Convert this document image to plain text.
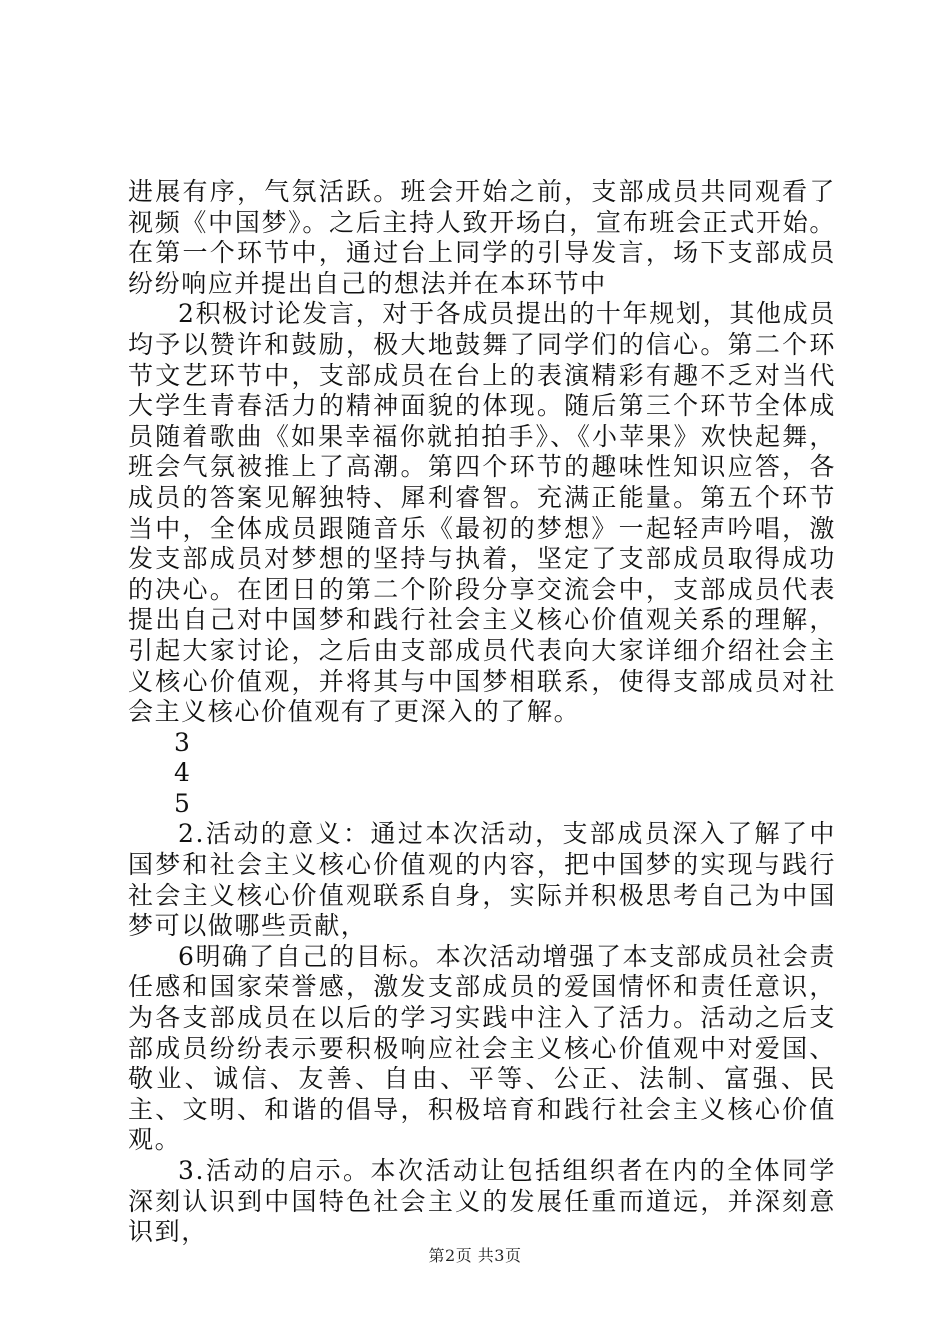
进展有序，气氛活跃。班会开始之前，支部成员共同观看了视频《中国梦》。之后主持人致开场白，宣布班会正式开始。在第一个环节中，通过台上同学的引导发言，场下支部成员纷纷响应并提出自己的想法并在本环节中

2积极讨论发言，对于各成员提出的十年规划，其他成员均予以赞许和鼓励，极大地鼓舞了同学们的信心。第二个环节文艺环节中，支部成员在台上的表演精彩有趣不乏对当代大学生青春活力的精神面貌的体现。随后第三个环节全体成员随着歌曲《如果幸福你就拍拍手》、《小苹果》欢快起舞，班会气氛被推上了高潮。第四个环节的趣味性知识应答，各成员的答案见解独特、犀利睿智。充满正能量。第五个环节当中，全体成员跟随音乐《最初的梦想》一起轻声吟唱，激发支部成员对梦想的坚持与执着，坚定了支部成员取得成功的决心。在团日的第二个阶段分享交流会中，支部成员代表提出自己对中国梦和践行社会主义核心价值观关系的理解，引起大家讨论，之后由支部成员代表向大家详细介绍社会主义核心价值观，并将其与中国梦相联系，使得支部成员对社会主义核心价值观有了更深入的了解。

3

4

5

2.活动的意义：通过本次活动，支部成员深入了解了中国梦和社会主义核心价值观的内容，把中国梦的实现与践行社会主义核心价值观联系自身，实际并积极思考自己为中国梦可以做哪些贡献，

6明确了自己的目标。本次活动增强了本支部成员社会责任感和国家荣誉感，激发支部成员的爱国情怀和责任意识，为各支部成员在以后的学习实践中注入了活力。活动之后支部成员纷纷表示要积极响应社会主义核心价值观中对爱国、敬业、诚信、友善、自由、平等、公正、法制、富强、民主、文明、和谐的倡导，积极培育和践行社会主义核心价值观。

3.活动的启示。本次活动让包括组织者在内的全体同学深刻认识到中国特色社会主义的发展任重而道远，并深刻意识到，

第2页 共3页
